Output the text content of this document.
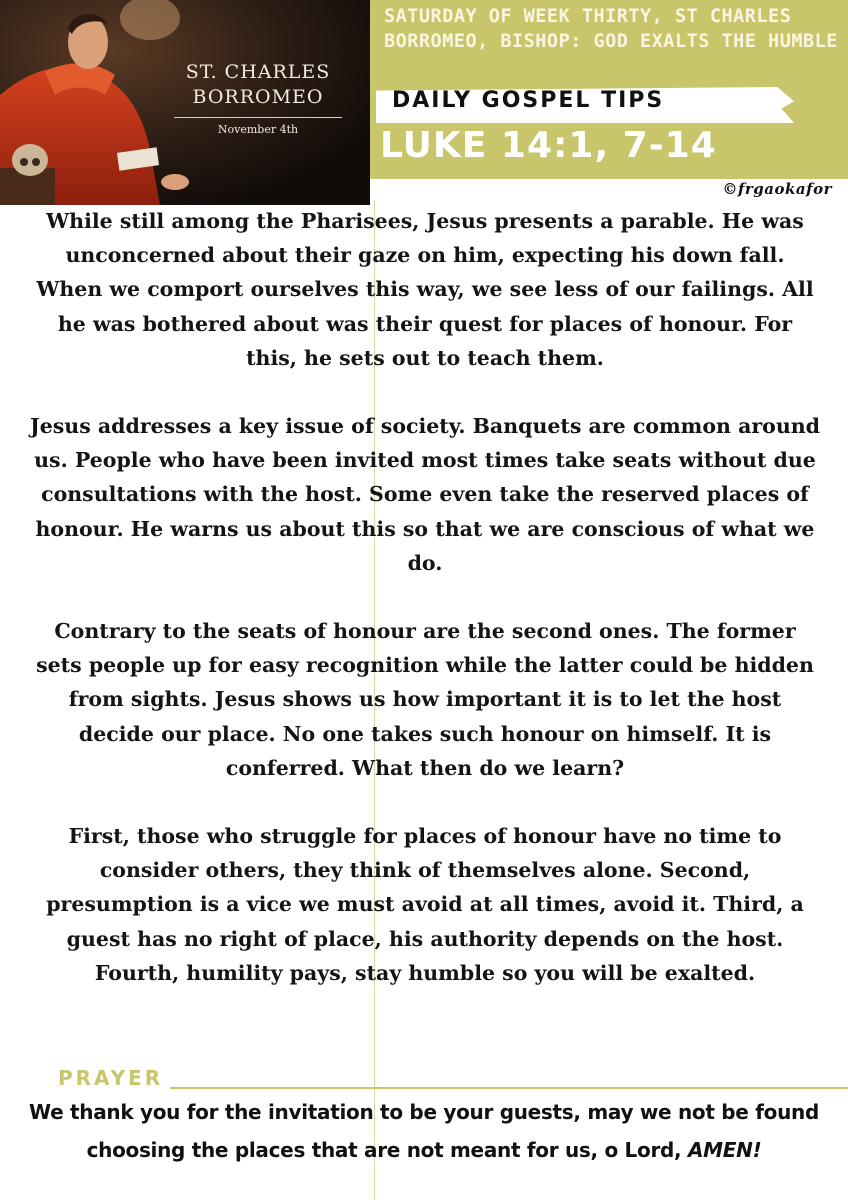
ST. CHARLES
BORROMEO
November 4th
SATURDAY OF WEEK THIRTY, ST CHARLES BORROMEO, BISHOP: GOD EXALTS THE HUMBLE
DAILY GOSPEL TIPS
LUKE 14:1, 7-14
©frgaokafor

While still among the Pharisees, Jesus presents a parable. He was unconcerned about their gaze on him, expecting his down fall. When we comport ourselves this way, we see less of our failings. All he was bothered about was their quest for places of honour. For this, he sets out to teach them.

Jesus addresses a key issue of society. Banquets are common around us. People who have been invited most times take seats without due consultations with the host. Some even take the reserved places of honour. He warns us about this so that we are conscious of what we do.

Contrary to the seats of honour are the second ones. The former sets people up for easy recognition while the latter could be hidden from sights. Jesus shows us how important it is to let the host decide our place. No one takes such honour on himself. It is conferred. What then do we learn?

First, those who struggle for places of honour have no time to consider others, they think of themselves alone. Second, presumption is a vice we must avoid at all times, avoid it. Third, a guest has no right of place, his authority depends on the host. Fourth, humility pays, stay humble so you will be exalted.

PRAYER
We thank you for the invitation to be your guests, may we not be found choosing the places that are not meant for us, o Lord, AMEN!
